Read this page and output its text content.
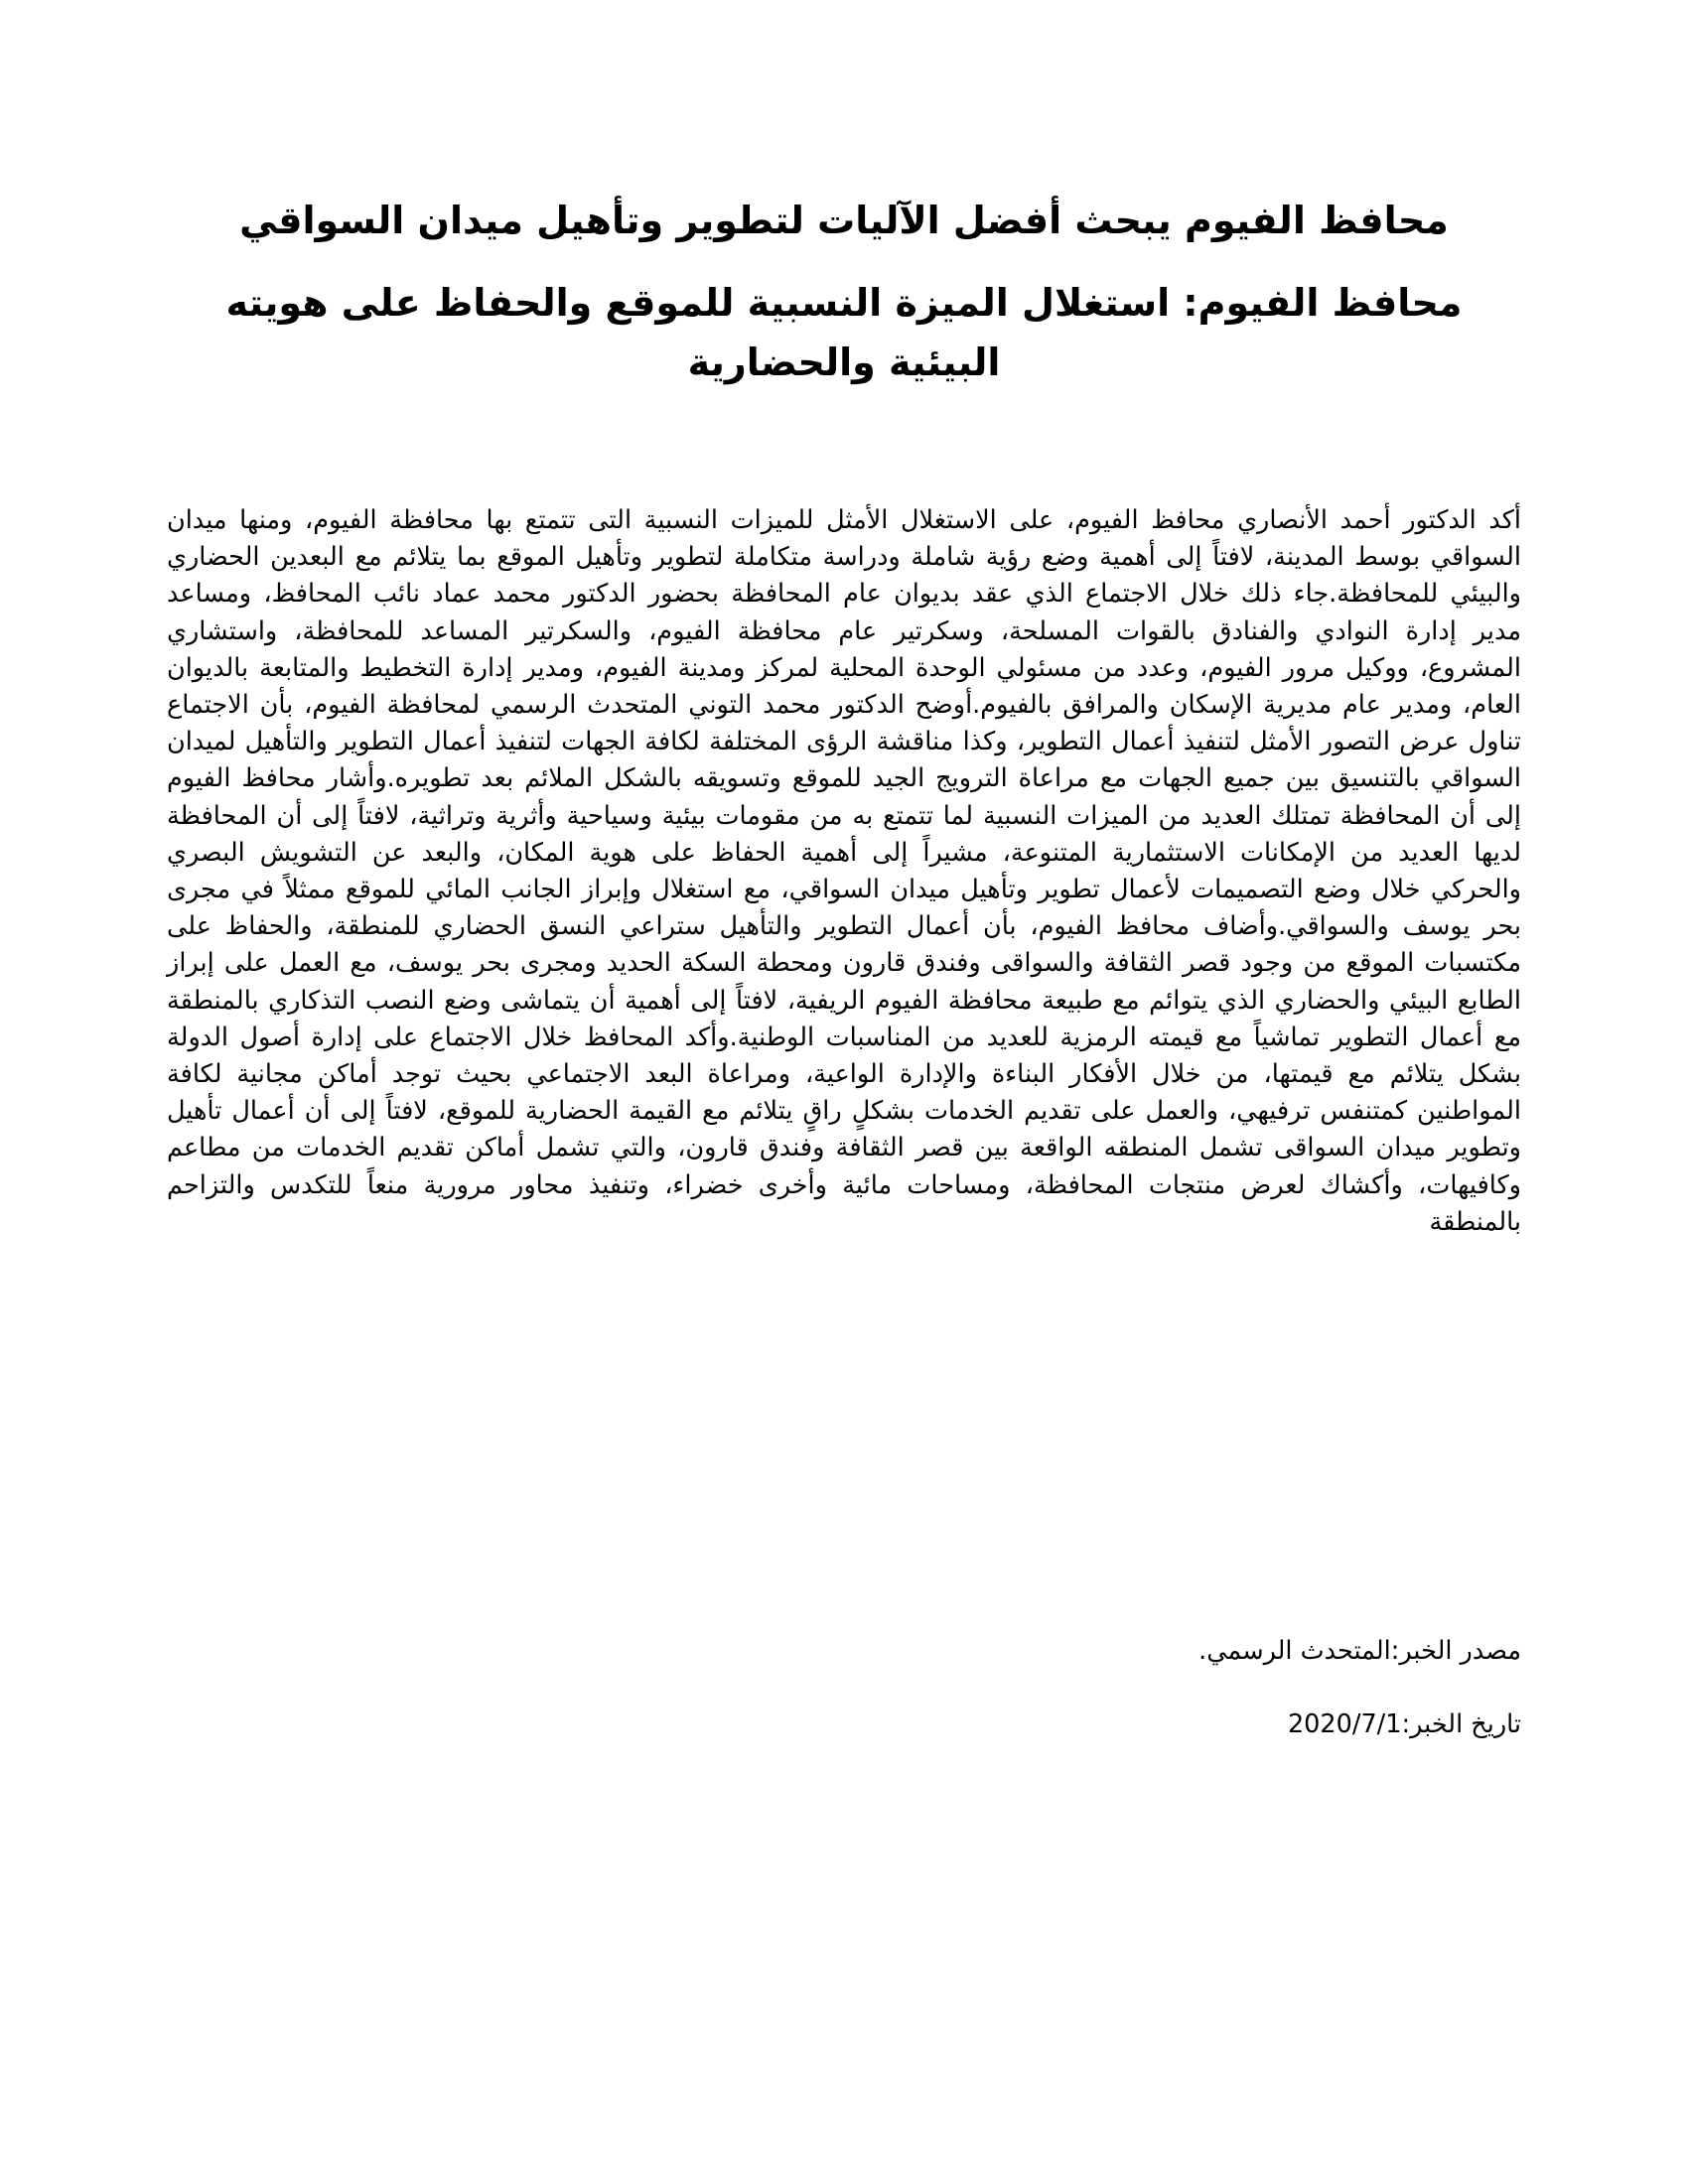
محافظ الفيوم يبحث أفضل الآليات لتطوير وتأهيل ميدان السواقي
محافظ الفيوم: استغلال الميزة النسبية للموقع والحفاظ على هويته البيئية والحضارية

أكد الدكتور أحمد الأنصاري محافظ الفيوم، على الاستغلال الأمثل للميزات النسبية التى تتمتع بها محافظة الفيوم، ومنها ميدان السواقي بوسط المدينة، لافتاً إلى أهمية وضع رؤية شاملة ودراسة متكاملة لتطوير وتأهيل الموقع بما يتلائم مع البعدين الحضاري والبيئي للمحافظة.جاء ذلك خلال الاجتماع الذي عقد بديوان عام المحافظة بحضور الدكتور محمد عماد نائب المحافظ، ومساعد مدير إدارة النوادي والفنادق بالقوات المسلحة، وسكرتير عام محافظة الفيوم، والسكرتير المساعد للمحافظة، واستشاري المشروع، ووكيل مرور الفيوم، وعدد من مسئولي الوحدة المحلية لمركز ومدينة الفيوم، ومدير إدارة التخطيط والمتابعة بالديوان العام، ومدير عام مديرية الإسكان والمرافق بالفيوم.أوضح الدكتور محمد التوني المتحدث الرسمي لمحافظة الفيوم، بأن الاجتماع تناول عرض التصور الأمثل لتنفيذ أعمال التطوير، وكذا مناقشة الرؤى المختلفة لكافة الجهات لتنفيذ أعمال التطوير والتأهيل لميدان السواقي بالتنسيق بين جميع الجهات مع مراعاة الترويج الجيد للموقع وتسويقه بالشكل الملائم بعد تطويره.وأشار محافظ الفيوم إلى أن المحافظة تمتلك العديد من الميزات النسبية لما تتمتع به من مقومات بيئية وسياحية وأثرية وتراثية، لافتاً إلى أن المحافظة لديها العديد من الإمكانات الاستثمارية المتنوعة، مشيراً إلى أهمية الحفاظ على هوية المكان، والبعد عن التشويش البصري والحركي خلال وضع التصميمات لأعمال تطوير وتأهيل ميدان السواقي، مع استغلال وإبراز الجانب المائي للموقع ممثلاً في مجرى بحر يوسف والسواقي.وأضاف محافظ الفيوم، بأن أعمال التطوير والتأهيل ستراعي النسق الحضاري للمنطقة، والحفاظ على مكتسبات الموقع من وجود قصر الثقافة والسواقى وفندق قارون ومحطة السكة الحديد ومجرى بحر يوسف، مع العمل على إبراز الطابع البيئي والحضاري الذي يتوائم مع طبيعة محافظة الفيوم الريفية، لافتاً إلى أهمية أن يتماشى وضع النصب التذكاري بالمنطقة مع أعمال التطوير تماشياً مع قيمته الرمزية للعديد من المناسبات الوطنية.وأكد المحافظ خلال الاجتماع على إدارة أصول الدولة بشكل يتلائم مع قيمتها، من خلال الأفكار البناءة والإدارة الواعية، ومراعاة البعد الاجتماعي بحيث توجد أماكن مجانية لكافة المواطنين كمتنفس ترفيهي، والعمل على تقديم الخدمات بشكلٍ راقٍ يتلائم مع القيمة الحضارية للموقع، لافتاً إلى أن أعمال تأهيل وتطوير ميدان السواقى تشمل المنطقه الواقعة بين قصر الثقافة وفندق قارون، والتي تشمل أماكن تقديم الخدمات من مطاعم وكافيهات، وأكشاك لعرض منتجات المحافظة، ومساحات مائية وأخرى خضراء، وتنفيذ محاور مرورية منعاً للتكدس والتزاحم بالمنطقة

مصدر الخبر:المتحدث الرسمي.

تاريخ الخبر:2020/7/1
